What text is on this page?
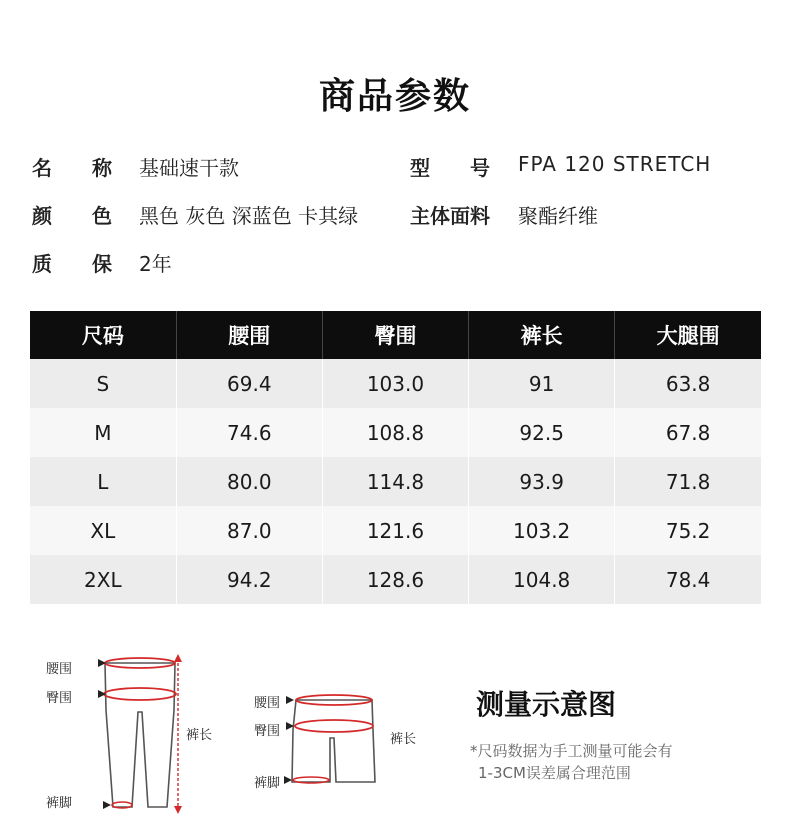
商品参数
名　　称 基础速干款	型　　号 FPA 120 STRETCH
颜　　色 黑色 灰色 深蓝色 卡其绿	主体面料 聚酯纤维
质　　保 2年
尺码	腰围	臀围	裤长	大腿围
S	69.4	103.0	91	63.8
M	74.6	108.8	92.5	67.8
L	80.0	114.8	93.9	71.8
XL	87.0	121.6	103.2	75.2
2XL	94.2	128.6	104.8	78.4
腰围
臀围
裤长
裤脚
腰围
臀围
裤长
裤脚
测量示意图
*尺码数据为手工测量可能会有
1-3CM误差属合理范围
